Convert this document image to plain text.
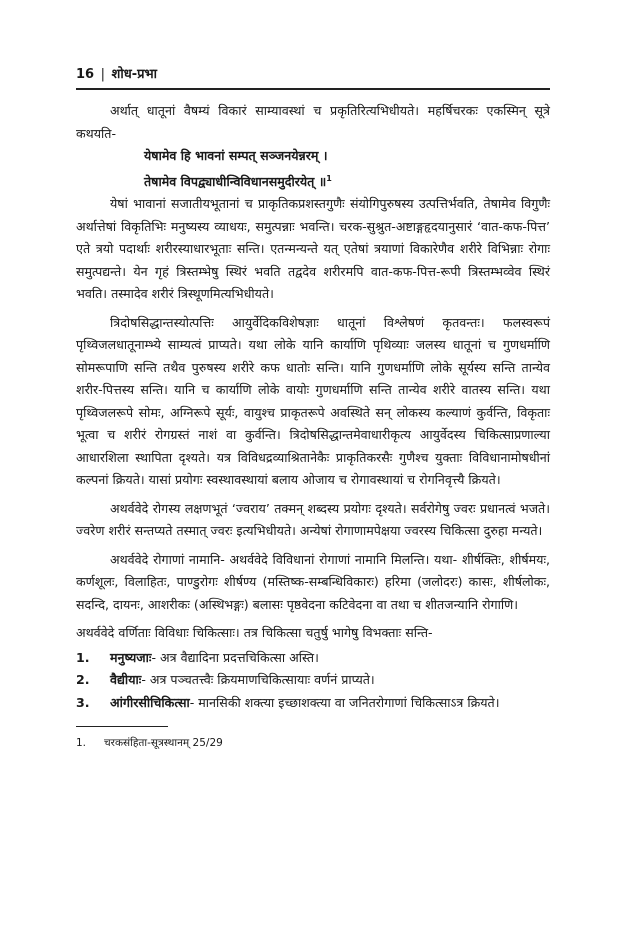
16 | शोध-प्रभा

अर्थात् धातूनां वैषम्यं विकारं साम्यावस्थां च प्रकृतिरित्यभिधीयते। महर्षिचरकः एकस्मिन् सूत्रे कथयति-

येषामेव हि भावनां सम्पत् सञ्जनयेन्नरम् ।
तेषामेव विपद्व्याधीन्विविधानसमुदीरयेत् ॥$^1$

येषां भावानां सजातीयभूतानां च प्राकृतिकप्रशस्तगुणैः संयोगिपुरुषस्य उत्पत्तिर्भवति, तेषामेव विगुणैः अर्थात्तेषां विकृतिभिः मनुष्यस्य व्याधयः, समुत्पन्नाः भवन्ति। चरक-सुश्रुत-अष्टाङ्गहृदयानुसारं ‘वात-कफ-पित्त’ एते त्रयो पदार्थाः शरीरस्याधारभूताः सन्ति। एतन्मन्यन्ते यत् एतेषां त्रयाणां विकारेणैव शरीरे विभिन्नाः रोगाः समुत्पद्यन्ते। येन गृहं त्रिस्तम्भेषु स्थिरं भवति तद्वदेव शरीरमपि वात-कफ-पित्त-रूपी त्रिस्तम्भव्वेव स्थिरं भवति। तस्मादेव शरीरं त्रिस्थूणमित्यभिधीयते।

त्रिदोषसिद्धान्तस्योत्पत्तिः आयुर्वेदिकविशेषज्ञाः धातूनां विश्लेषणं कृतवन्तः। फलस्वरूपं पृथ्विजलधातूनाम्भ्ये साम्यत्वं प्राप्यते। यथा लोके यानि कार्याणि पृथिव्याः जलस्य धातूनां च गुणधर्माणि सोमरूपाणि सन्ति तथैव पुरुषस्य शरीरे कफ धातोः सन्ति। यानि गुणधर्माणि लोके सूर्यस्य सन्ति तान्येव शरीर-पित्तस्य सन्ति। यानि च कार्याणि लोके वायोः गुणधर्माणि सन्ति तान्येव शरीरे वातस्य सन्ति। यथा पृथ्विजलरूपे सोमः, अग्निरूपे सूर्यः, वायुश्च प्राकृतरूपे अवस्थिते सन् लोकस्य कल्याणं कुर्वन्ति, विकृताः भूत्वा च शरीरं रोगग्रस्तं नाशं वा कुर्वन्ति। त्रिदोषसिद्धान्तमेवाधारीकृत्य आयुर्वेदस्य चिकित्साप्रणाल्या आधारशिला स्थापिता दृश्यते। यत्र विविधद्रव्याश्रितानेकैः प्राकृतिकरसैः गुणैश्च युक्ताः विविधानामोषधीनां कल्पनां क्रियते। यासां प्रयोगः स्वस्थावस्थायां बलाय ओजाय च रोगावस्थायां च रोगनिवृत्त्यै क्रियते।

अथर्ववेदे रोगस्य लक्षणभूतं ‘ज्वराय’ तक्मन् शब्दस्य प्रयोगः दृश्यते। सर्वरोगेषु ज्वरः प्रधानत्वं भजते। ज्वरेण शरीरं सन्तप्यते तस्मात् ज्वरः इत्यभिधीयते। अन्येषां रोगाणामपेक्षया ज्वरस्य चिकित्सा दुरुहा मन्यते।

अथर्ववेदे रोगाणां नामानि- अथर्ववेदे विविधानां रोगाणां नामानि मिलन्ति। यथा- शीर्षक्तिः, शीर्षमयः, कर्णशूलः, विलाहितः, पाण्डुरोगः शीर्षण्य (मस्तिष्क-सम्बन्धिविकारः) हरिमा (जलोदरः) कासः, शीर्षलोकः, सदन्दि, दायनः, आशरीकः (अस्थिभङ्गः) बलासः पृष्ठवेदना कटिवेदना वा तथा च शीतजन्यानि रोगाणि।

अथर्ववेदे वर्णिताः विविधाः चिकित्साः। तत्र चिकित्सा चतुर्षु भागेषु विभक्ताः सन्ति-

1. मनुष्यजाः- अत्र वैद्यादिना प्रदत्तचिकित्सा अस्ति।
2. वैद्यीयाः- अत्र पञ्चतत्त्वैः क्रियमाणचिकित्सायाः वर्णनं प्राप्यते।
3. आंगीरसीचिकित्सा- मानसिकी शक्त्या इच्छाशक्त्या वा जनितरोगाणां चिकित्साऽत्र क्रियते।
1. चरकसंहिता-सूत्रस्थानम् 25/29
